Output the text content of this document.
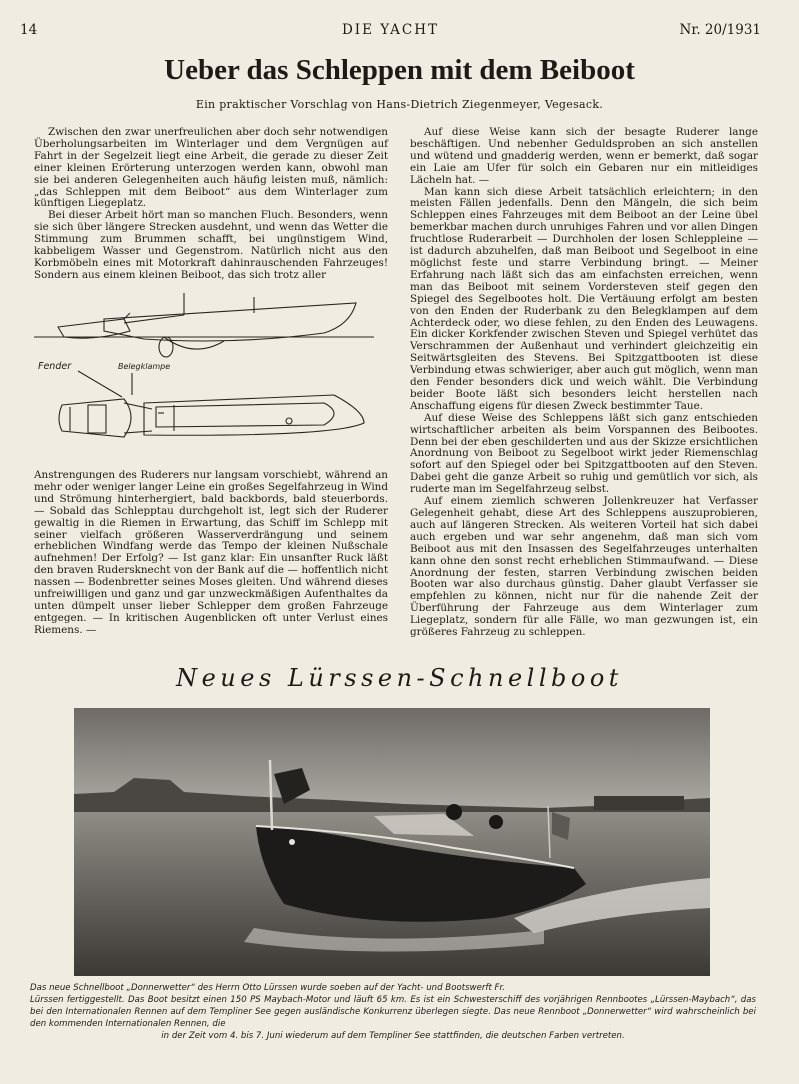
14	DIE YACHT	Nr. 20/1931
Ueber das Schleppen mit dem Beiboot
Ein praktischer Vorschlag von Hans-Dietrich Ziegenmeyer, Vegesack.

Zwischen den zwar unerfreulichen aber doch sehr notwendigen Überholungsarbeiten im Winterlager und dem Vergnügen auf Fahrt in der Segelzeit liegt eine Arbeit, die gerade zu dieser Zeit einer kleinen Erörterung unterzogen werden kann, obwohl man sie bei anderen Gelegenheiten auch häufig leisten muß, nämlich: „das Schleppen mit dem Beiboot“ aus dem Winterlager zum künftigen Liegeplatz.

Bei dieser Arbeit hört man so manchen Fluch. Besonders, wenn sie sich über längere Strecken ausdehnt, und wenn das Wetter die Stimmung zum Brummen schafft, bei ungünstigem Wind, kabbeligem Wasser und Gegenstrom. Natürlich nicht aus den Korbmöbeln eines mit Motorkraft dahinrauschenden Fahrzeuges! Sondern aus einem kleinen Beiboot, das sich trotz aller

Fender	Belegklampe

Anstrengungen des Ruderers nur langsam vorschiebt, während an mehr oder weniger langer Leine ein großes Segelfahrzeug in Wind und Strömung hinterhergiert, bald backbords, bald steuerbords. — Sobald das Schlepptau durchgeholt ist, legt sich der Ruderer gewaltig in die Riemen in Erwartung, das Schiff im Schlepp mit seiner vielfach größeren Wasserverdrängung und seinem erheblichen Windfang werde das Tempo der kleinen Nußschale aufnehmen! Der Erfolg? — Ist ganz klar: Ein unsanfter Ruck läßt den braven Rudersknecht von der Bank auf die — hoffentlich nicht nassen — Bodenbretter seines Moses gleiten. Und während dieses unfreiwilligen und ganz und gar unzweckmäßigen Aufenthaltes da unten dümpelt unser lieber Schlepper dem großen Fahrzeuge entgegen. — In kritischen Augenblicken oft unter Verlust eines Riemens. —

Auf diese Weise kann sich der besagte Ruderer lange beschäftigen. Und nebenher Geduldsproben an sich anstellen und wütend und gnadderig werden, wenn er bemerkt, daß sogar ein Laie am Ufer für solch ein Gebaren nur ein mitleidiges Lächeln hat. —

Man kann sich diese Arbeit tatsächlich erleichtern; in den meisten Fällen jedenfalls. Denn den Mängeln, die sich beim Schleppen eines Fahrzeuges mit dem Beiboot an der Leine übel bemerkbar machen durch unruhiges Fahren und vor allen Dingen fruchtlose Ruderarbeit — Durchholen der losen Schleppleine — ist dadurch abzuhelfen, daß man Beiboot und Segelboot in eine möglichst feste und starre Verbindung bringt. — Meiner Erfahrung nach läßt sich das am einfachsten erreichen, wenn man das Beiboot mit seinem Vordersteven steif gegen den Spiegel des Segelbootes holt. Die Vertäuung erfolgt am besten von den Enden der Ruderbank zu den Belegklampen auf dem Achterdeck oder, wo diese fehlen, zu den Enden des Leuwagens. Ein dicker Korkfender zwischen Steven und Spiegel verhütet das Verschrammen der Außenhaut und verhindert gleichzeitig ein Seitwärtsgleiten des Stevens. Bei Spitzgattbooten ist diese Verbindung etwas schwieriger, aber auch gut möglich, wenn man den Fender besonders dick und weich wählt. Die Verbindung beider Boote läßt sich besonders leicht herstellen nach Anschaffung eigens für diesen Zweck bestimmter Taue.

Auf diese Weise des Schleppens läßt sich ganz entschieden wirtschaftlicher arbeiten als beim Vorspannen des Beibootes. Denn bei der eben geschilderten und aus der Skizze ersichtlichen Anordnung von Beiboot zu Segelboot wirkt jeder Riemenschlag sofort auf den Spiegel oder bei Spitzgattbooten auf den Steven. Dabei geht die ganze Arbeit so ruhig und gemütlich vor sich, als ruderte man im Segelfahrzeug selbst.

Auf einem ziemlich schweren Jollenkreuzer hat Verfasser Gelegenheit gehabt, diese Art des Schleppens auszuprobieren, auch auf längeren Strecken. Als weiteren Vorteil hat sich dabei auch ergeben und war sehr angenehm, daß man sich vom Beiboot aus mit den Insassen des Segelfahrzeuges unterhalten kann ohne den sonst recht erheblichen Stimmaufwand. — Diese Anordnung der festen, starren Verbindung zwischen beiden Booten war also durchaus günstig. Daher glaubt Verfasser sie empfehlen zu können, nicht nur für die nahende Zeit der Überführung der Fahrzeuge aus dem Winterlager zum Liegeplatz, sondern für alle Fälle, wo man gezwungen ist, ein größeres Fahrzeug zu schleppen.

Neues Lürssen-Schnellboot
Das neue Schnellboot „Donnerwetter“ des Herrn Otto Lürssen wurde soeben auf der Yacht- und Bootswerft Fr.
Lürssen fertiggestellt. Das Boot besitzt einen 150 PS Maybach-Motor und läuft 65 km. Es ist ein Schwesterschiff des vorjährigen Rennbootes „Lürssen-Maybach“, das bei den Internationalen Rennen auf dem Templiner See gegen ausländische Konkurrenz überlegen siegte. Das neue Rennboot „Donnerwetter“ wird wahrscheinlich bei den kommenden Internationalen Rennen, die
in der Zeit vom 4. bis 7. Juni wiederum auf dem Templiner See stattfinden, die deutschen Farben vertreten.
